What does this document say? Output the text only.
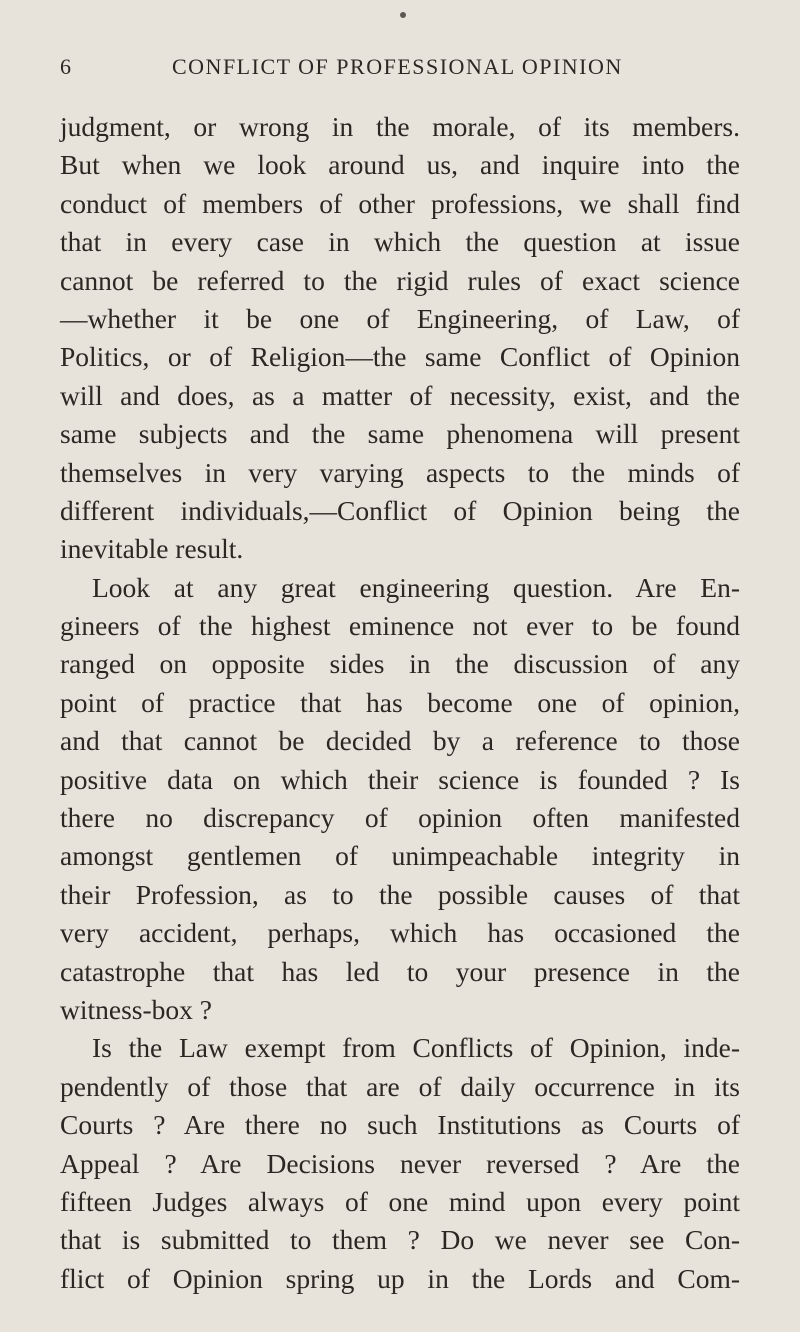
6	CONFLICT OF PROFESSIONAL OPINION
judgment, or wrong in the morale, of its members.
But when we look around us, and inquire into the
conduct of members of other professions, we shall find
that in every case in which the question at issue
cannot be referred to the rigid rules of exact science
—whether it be one of Engineering, of Law, of
Politics, or of Religion—the same Conflict of Opinion
will and does, as a matter of necessity, exist, and the
same subjects and the same phenomena will present
themselves in very varying aspects to the minds of
different individuals,—Conflict of Opinion being the
inevitable result.
Look at any great engineering question. Are En-
gineers of the highest eminence not ever to be found
ranged on opposite sides in the discussion of any
point of practice that has become one of opinion,
and that cannot be decided by a reference to those
positive data on which their science is founded ? Is
there no discrepancy of opinion often manifested
amongst gentlemen of unimpeachable integrity in
their Profession, as to the possible causes of that
very accident, perhaps, which has occasioned the
catastrophe that has led to your presence in the
witness-box ?
Is the Law exempt from Conflicts of Opinion, inde-
pendently of those that are of daily occurrence in its
Courts ? Are there no such Institutions as Courts of
Appeal ? Are Decisions never reversed ? Are the
fifteen Judges always of one mind upon every point
that is submitted to them ? Do we never see Con-
flict of Opinion spring up in the Lords and Com-
